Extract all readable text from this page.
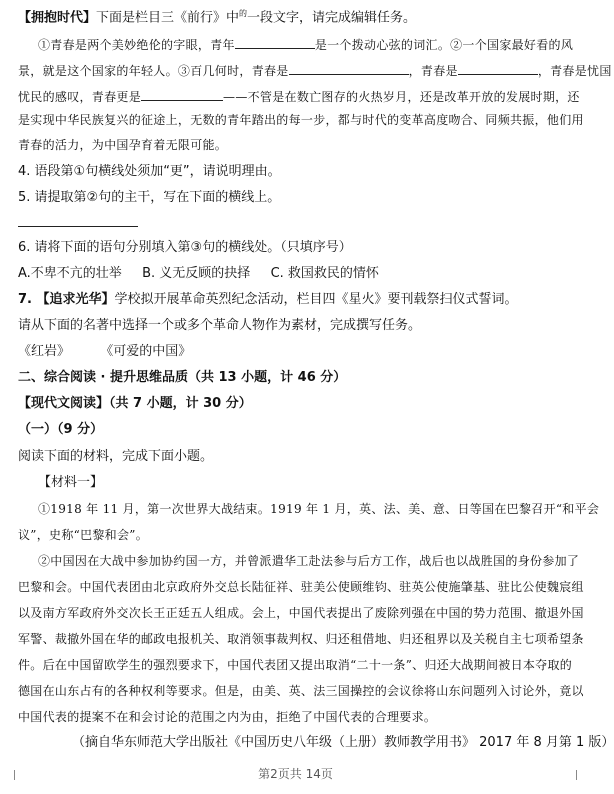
【拥抱时代】下面是栏目三《前行》中$^的$一段文字，请完成编辑任务。
①青春是两个美妙绝伦的字眼，青年	是一个拨动心弦的词汇。②一个国家最好看的风
景，就是这个国家的年轻人。③百几何时，青春是	，青春是	，青春是忧国
忧民的感叹，青春更是	——不管是在数亡图存的火热岁月，还是改革开放的发展时期，还
是实现中华民族复兴的征途上，无数的青年踏出的每一步，都与时代的变革高度吻合、同频共振，他们用
青春的活力，为中国孕育着无限可能。
4. 语段第①句横线处须加“更”，请说明理由。
5. 请提取第②句的主干，写在下面的横线上。
6. 请将下面的语句分别填入第③句的横线处。（只填序号）
A.不卑不亢的壮举 B. 义无反顾的抉择 C. 救国救民的情怀
7. 【追求光华】学校拟开展革命英烈纪念活动，栏目四《星火》要刊载祭扫仪式誓词。
请从下面的名著中选择一个或多个革命人物作为素材，完成撰写任务。
《红岩》 《可爱的中国》
二、综合阅读 · 提升思维品质（共 13 小题，计 46 分）
【现代文阅读】（共 7 小题，计 30 分）
（一）（9 分）
阅读下面的材料，完成下面小题。
【材料一】
①1918 年 11 月，第一次世界大战结束。1919 年 1 月，英、法、美、意、日等国在巴黎召开“和平会
议”，史称“巴黎和会”。
②中国因在大战中参加协约国一方，并曾派遣华工赴法参与后方工作，战后也以战胜国的身份参加了
巴黎和会。中国代表团由北京政府外交总长陆征祥、驻美公使顾维钧、驻英公使施肇基、驻比公使魏宸组
以及南方军政府外交次长王正廷五人组成。会上，中国代表提出了废除列强在中国的势力范围、撤退外国
军警、裁撤外国在华的邮政电报机关、取消领事裁判权、归还租借地、归还租界以及关税自主七项希望条
件。后在中国留欧学生的强烈要求下，中国代表团又提出取消“二十一条”、归还大战期间被日本夺取的
德国在山东占有的各种权利等要求。但是，由美、英、法三国操控的会议徐将山东问题列入讨论外，竟以
中国代表的提案不在和会讨论的范围之内为由，拒绝了中国代表的合理要求。
（摘自华东师范大学出版社《中国历史八年级（上册）教师教学用书》 2017 年 8 月第 1 版）
第2页共 14页
